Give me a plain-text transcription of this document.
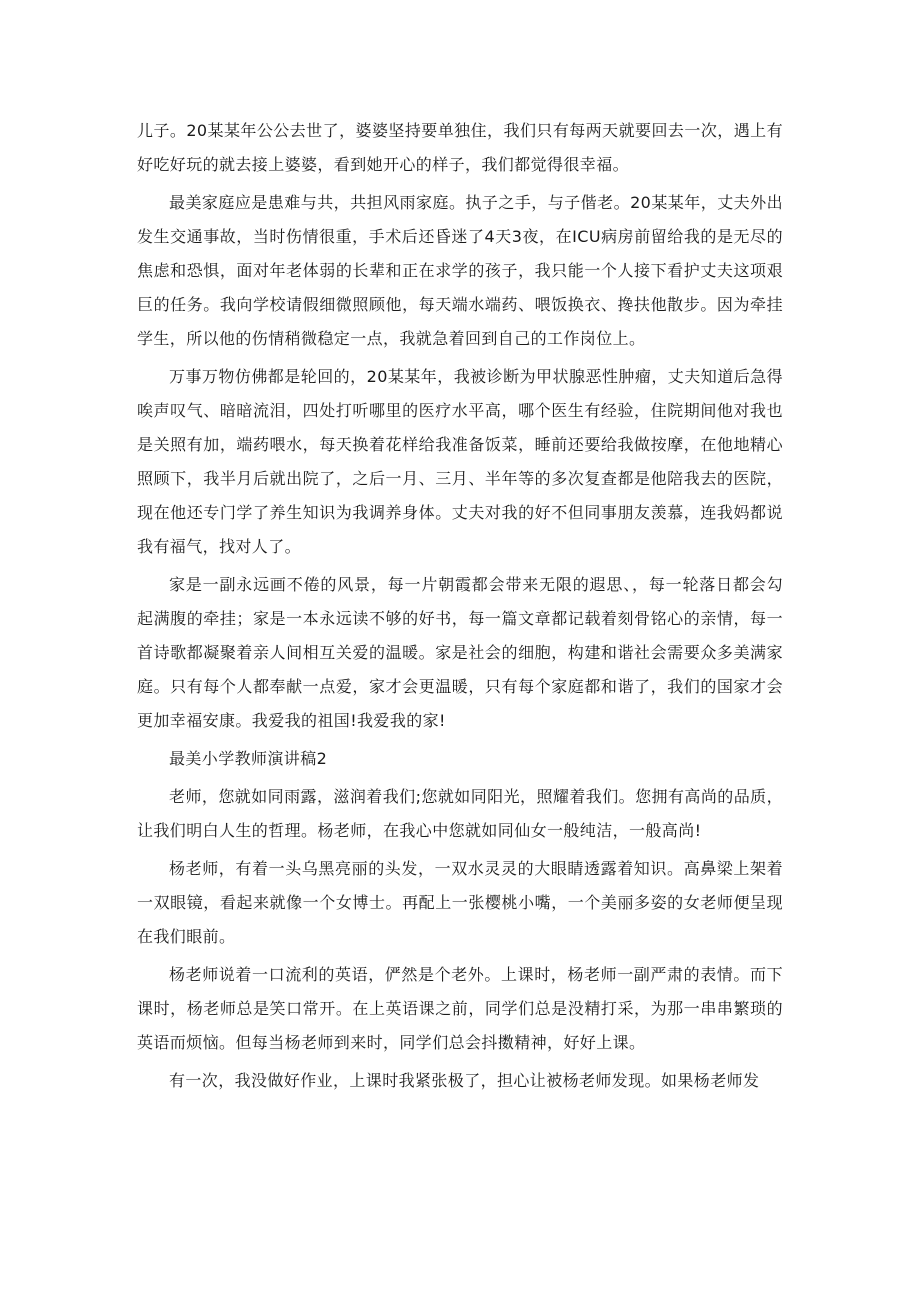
儿子。20某某年公公去世了，婆婆坚持要单独住，我们只有每两天就要回去一次，遇上有好吃好玩的就去接上婆婆，看到她开心的样子，我们都觉得很幸福。

最美家庭应是患难与共，共担风雨家庭。执子之手，与子偕老。20某某年，丈夫外出发生交通事故，当时伤情很重，手术后还昏迷了4天3夜，在ICU病房前留给我的是无尽的焦虑和恐惧，面对年老体弱的长辈和正在求学的孩子，我只能一个人接下看护丈夫这项艰巨的任务。我向学校请假细微照顾他，每天端水端药、喂饭换衣、搀扶他散步。因为牵挂学生，所以他的伤情稍微稳定一点，我就急着回到自己的工作岗位上。

万事万物仿佛都是轮回的，20某某年，我被诊断为甲状腺恶性肿瘤，丈夫知道后急得唉声叹气、暗暗流泪，四处打听哪里的医疗水平高，哪个医生有经验，住院期间他对我也是关照有加，端药喂水，每天换着花样给我准备饭菜，睡前还要给我做按摩，在他地精心照顾下，我半月后就出院了，之后一月、三月、半年等的多次复查都是他陪我去的医院，现在他还专门学了养生知识为我调养身体。丈夫对我的好不但同事朋友羡慕，连我妈都说我有福气，找对人了。

家是一副永远画不倦的风景，每一片朝霞都会带来无限的遐思、，每一轮落日都会勾起满腹的牵挂；家是一本永远读不够的好书，每一篇文章都记载着刻骨铭心的亲情，每一首诗歌都凝聚着亲人间相互关爱的温暖。家是社会的细胞，构建和谐社会需要众多美满家庭。只有每个人都奉献一点爱，家才会更温暖，只有每个家庭都和谐了，我们的国家才会更加幸福安康。我爱我的祖国!我爱我的家!

最美小学教师演讲稿2

老师，您就如同雨露，滋润着我们;您就如同阳光，照耀着我们。您拥有高尚的品质，让我们明白人生的哲理。杨老师，在我心中您就如同仙女一般纯洁，一般高尚!

杨老师，有着一头乌黑亮丽的头发，一双水灵灵的大眼睛透露着知识。高鼻梁上架着一双眼镜，看起来就像一个女博士。再配上一张樱桃小嘴，一个美丽多姿的女老师便呈现在我们眼前。

杨老师说着一口流利的英语，俨然是个老外。上课时，杨老师一副严肃的表情。而下课时，杨老师总是笑口常开。在上英语课之前，同学们总是没精打采，为那一串串繁琐的英语而烦恼。但每当杨老师到来时，同学们总会抖擞精神，好好上课。

有一次，我没做好作业，上课时我紧张极了，担心让被杨老师发现。如果杨老师发
